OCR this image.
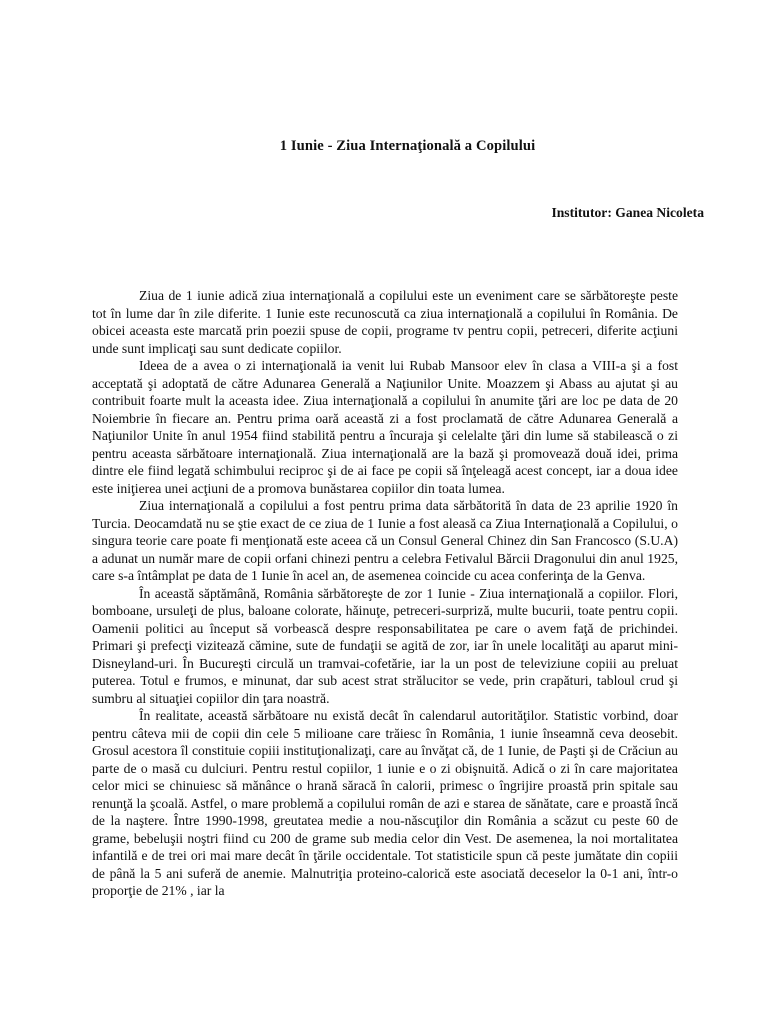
1 Iunie - Ziua Internaţională a Copilului
Institutor: Ganea Nicoleta

Ziua de 1 iunie adică ziua internaţională a copilului este un eveniment care se sărbătoreşte peste tot în lume dar în zile diferite. 1 Iunie este recunoscută ca ziua internaţională a copilului în România. De obicei aceasta este marcată prin poezii spuse de copii, programe tv pentru copii, petreceri, diferite acţiuni unde sunt implicaţi sau sunt dedicate copiilor.

Ideea de a avea o zi internaţională ia venit lui Rubab Mansoor elev în clasa a VIII-a şi a fost acceptată şi adoptată de către Adunarea Generală a Naţiunilor Unite. Moazzem şi Abass au ajutat şi au contribuit foarte mult la aceasta idee. Ziua internaţională a copilului în anumite ţări are loc pe data de 20 Noiembrie în fiecare an. Pentru prima oară această zi a fost proclamată de către Adunarea Generală a Naţiunilor Unite în anul 1954 fiind stabilită pentru a încuraja şi celelalte ţări din lume să stabilească o zi pentru aceasta sărbătoare internaţională. Ziua internaţională are la bază şi promovează două idei, prima dintre ele fiind legată schimbului reciproc şi de ai face pe copii să înţeleagă acest concept, iar a doua idee este iniţierea unei acţiuni de a promova bunăstarea copiilor din toata lumea.

Ziua internaţională a copilului a fost pentru prima data sărbătorită în data de 23 aprilie 1920 în Turcia. Deocamdată nu se ştie exact de ce ziua de 1 Iunie a fost aleasă ca Ziua Internaţională a Copilului, o singura teorie care poate fi menţionată este aceea că un Consul General Chinez din San Francosco (S.U.A) a adunat un număr mare de copii orfani chinezi pentru a celebra Fetivalul Bărcii Dragonului din anul 1925, care s-a întâmplat pe data de 1 Iunie în acel an, de asemenea coincide cu acea conferinţa de la Genva.

În această săptămână, România sărbătoreşte de zor 1 Iunie - Ziua internaţională a copiilor. Flori, bomboane, ursuleţi de plus, baloane colorate, hăinuţe, petreceri-surpriză, multe bucurii, toate pentru copii. Oamenii politici au început să vorbească despre responsabilitatea pe care o avem faţă de prichindei. Primari şi prefecţi vizitează cămine, sute de fundaţii se agită de zor, iar în unele localităţi au aparut mini-Disneyland-uri. În Bucureşti circulă un tramvai-cofetărie, iar la un post de televiziune copiii au preluat puterea. Totul e frumos, e minunat, dar sub acest strat strălucitor se vede, prin crapături, tabloul crud şi sumbru al situaţiei copiilor din ţara noastră.

În realitate, această sărbătoare nu există decât în calendarul autorităţilor. Statistic vorbind, doar pentru câteva mii de copii din cele 5 milioane care trăiesc în România, 1 iunie înseamnă ceva deosebit. Grosul acestora îl constituie copiii instituţionalizaţi, care au învăţat că, de 1 Iunie, de Paşti şi de Crăciun au parte de o masă cu dulciuri. Pentru restul copiilor, 1 iunie e o zi obişnuită. Adică o zi în care majoritatea celor mici se chinuiesc să mănânce o hrană săracă în calorii, primesc o îngrijire proastă prin spitale sau renunţă la şcoală. Astfel, o mare problemă a copilului român de azi e starea de sănătate, care e proastă încă de la naştere. Între 1990-1998, greutatea medie a nou-născuţilor din România a scăzut cu peste 60 de grame, bebeluşii noştri fiind cu 200 de grame sub media celor din Vest. De asemenea, la noi mortalitatea infantilă e de trei ori mai mare decât în ţările occidentale. Tot statisticile spun că peste jumătate din copiii de până la 5 ani suferă de anemie. Malnutriţia proteino-calorică este asociată deceselor la 0-1 ani, într-o proporţie de 21% , iar la
